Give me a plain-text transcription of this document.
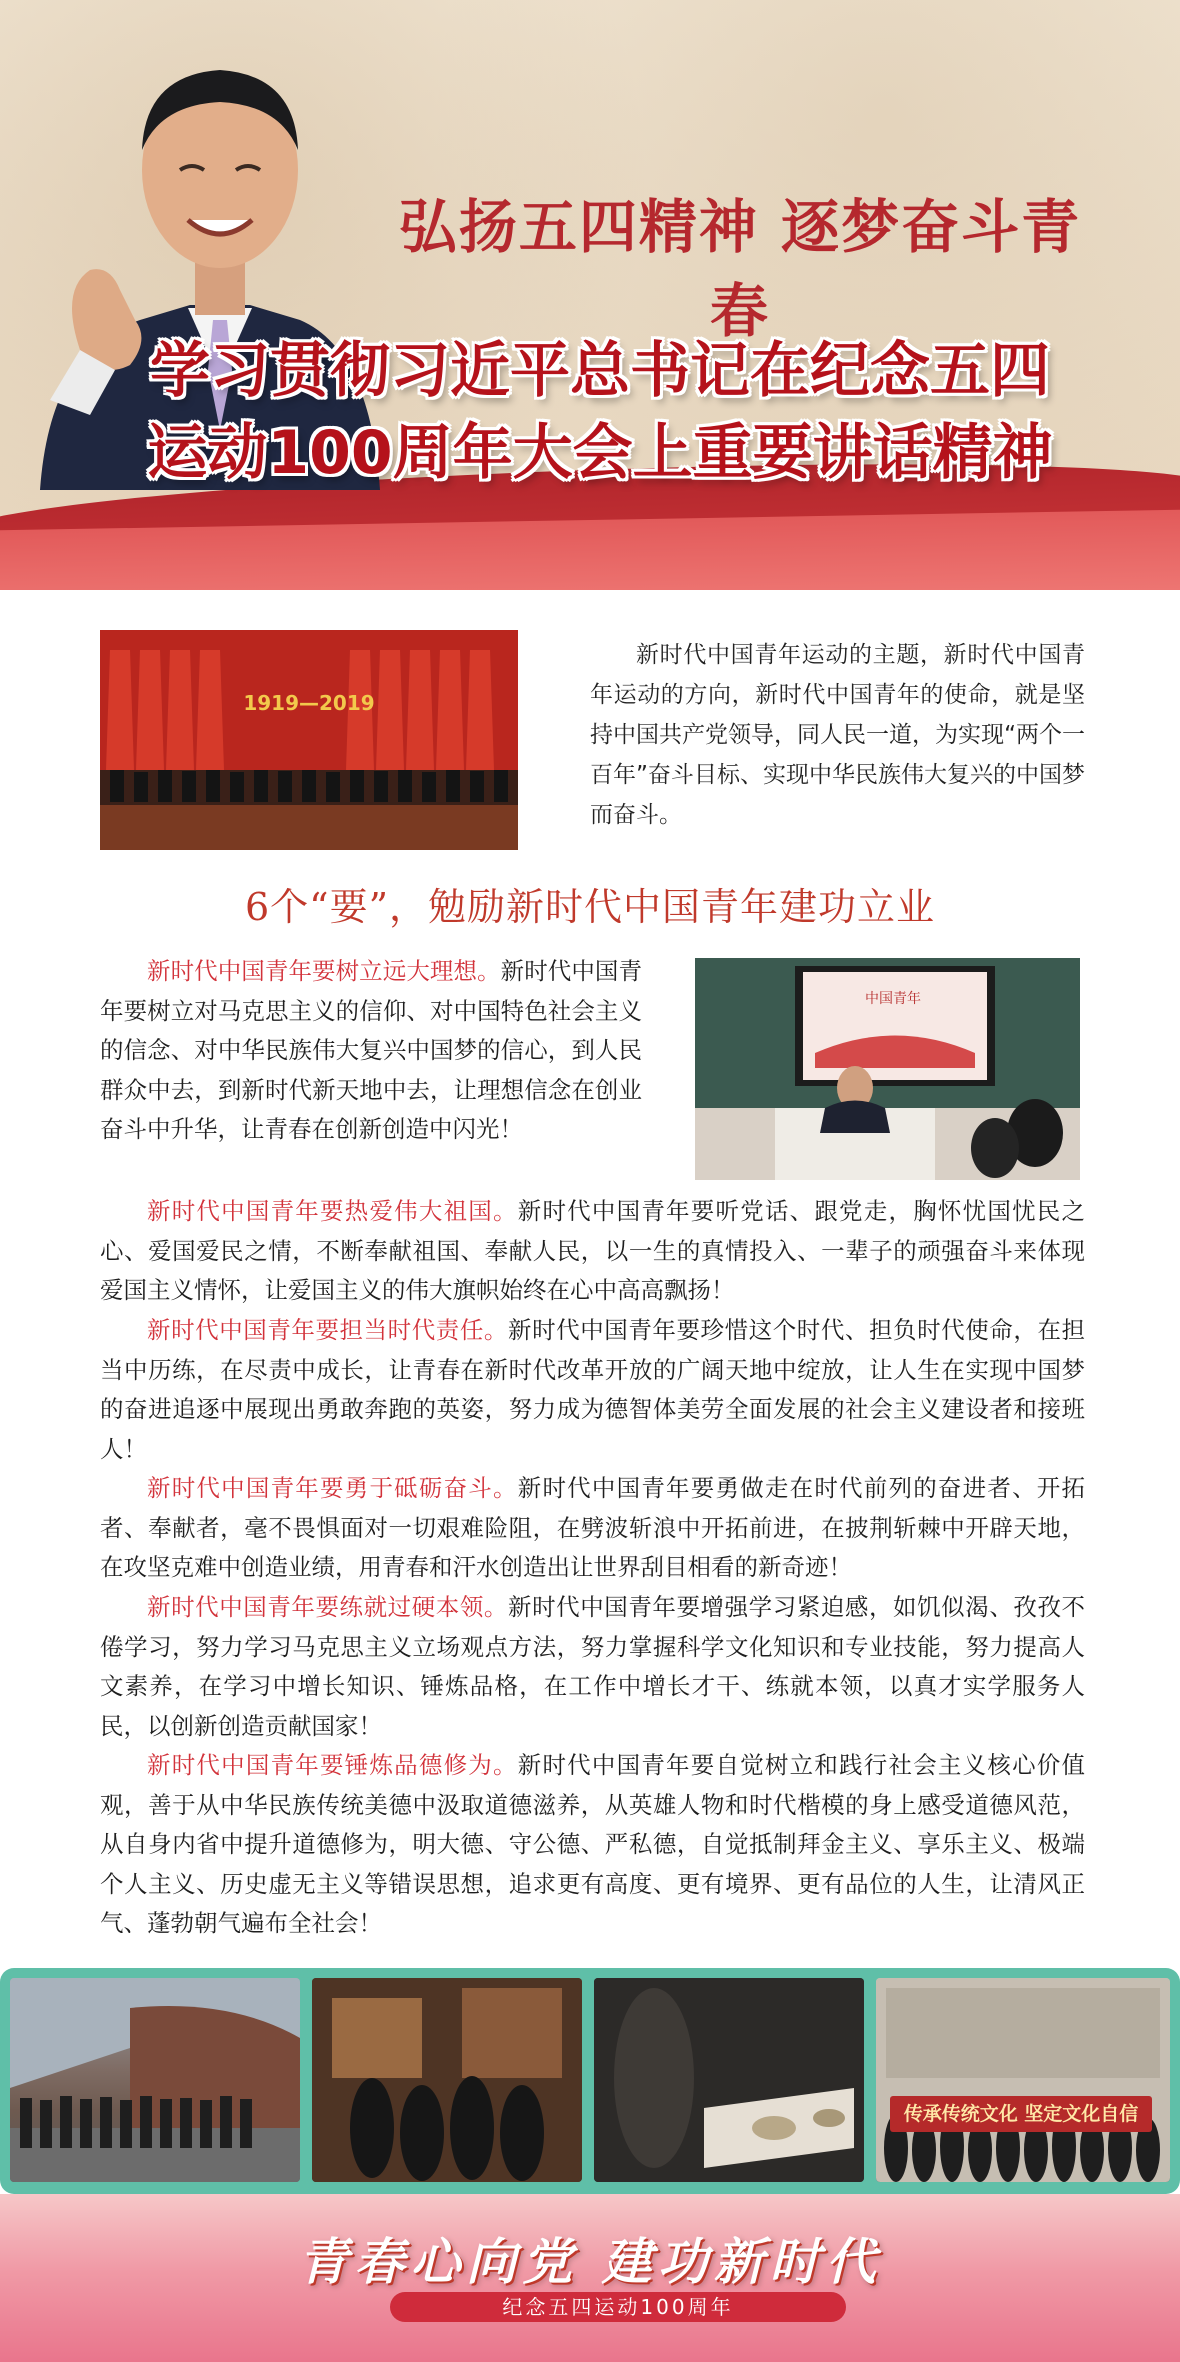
弘扬五四精神 逐梦奋斗青春
学习贯彻习近平总书记在纪念五四
运动100周年大会上重要讲话精神
1919—2019
新时代中国青年运动的主题，新时代中国青年运动的方向，新时代中国青年的使命，就是坚持中国共产党领导，同人民一道，为实现“两个一百年”奋斗目标、实现中华民族伟大复兴的中国梦而奋斗。
6个“要”，勉励新时代中国青年建功立业
中国青年
新时代中国青年要树立远大理想。新时代中国青年要树立对马克思主义的信仰、对中国特色社会主义的信念、对中华民族伟大复兴中国梦的信心，到人民群众中去，到新时代新天地中去，让理想信念在创业奋斗中升华，让青春在创新创造中闪光！
新时代中国青年要热爱伟大祖国。新时代中国青年要听党话、跟党走，胸怀忧国忧民之心、爱国爱民之情，不断奉献祖国、奉献人民，以一生的真情投入、一辈子的顽强奋斗来体现爱国主义情怀，让爱国主义的伟大旗帜始终在心中高高飘扬！
新时代中国青年要担当时代责任。新时代中国青年要珍惜这个时代、担负时代使命，在担当中历练，在尽责中成长，让青春在新时代改革开放的广阔天地中绽放，让人生在实现中国梦的奋进追逐中展现出勇敢奔跑的英姿，努力成为德智体美劳全面发展的社会主义建设者和接班人！
新时代中国青年要勇于砥砺奋斗。新时代中国青年要勇做走在时代前列的奋进者、开拓者、奉献者，毫不畏惧面对一切艰难险阻，在劈波斩浪中开拓前进，在披荆斩棘中开辟天地，在攻坚克难中创造业绩，用青春和汗水创造出让世界刮目相看的新奇迹！
新时代中国青年要练就过硬本领。新时代中国青年要增强学习紧迫感，如饥似渴、孜孜不倦学习，努力学习马克思主义立场观点方法，努力掌握科学文化知识和专业技能，努力提高人文素养，在学习中增长知识、锤炼品格，在工作中增长才干、练就本领，以真才实学服务人民，以创新创造贡献国家！
新时代中国青年要锤炼品德修为。新时代中国青年要自觉树立和践行社会主义核心价值观，善于从中华民族传统美德中汲取道德滋养，从英雄人物和时代楷模的身上感受道德风范，从自身内省中提升道德修为，明大德、守公德、严私德，自觉抵制拜金主义、享乐主义、极端个人主义、历史虚无主义等错误思想，追求更有高度、更有境界、更有品位的人生，让清风正气、蓬勃朝气遍布全社会！
传承传统文化 坚定文化自信
青春心向党 建功新时代
纪念五四运动100周年
